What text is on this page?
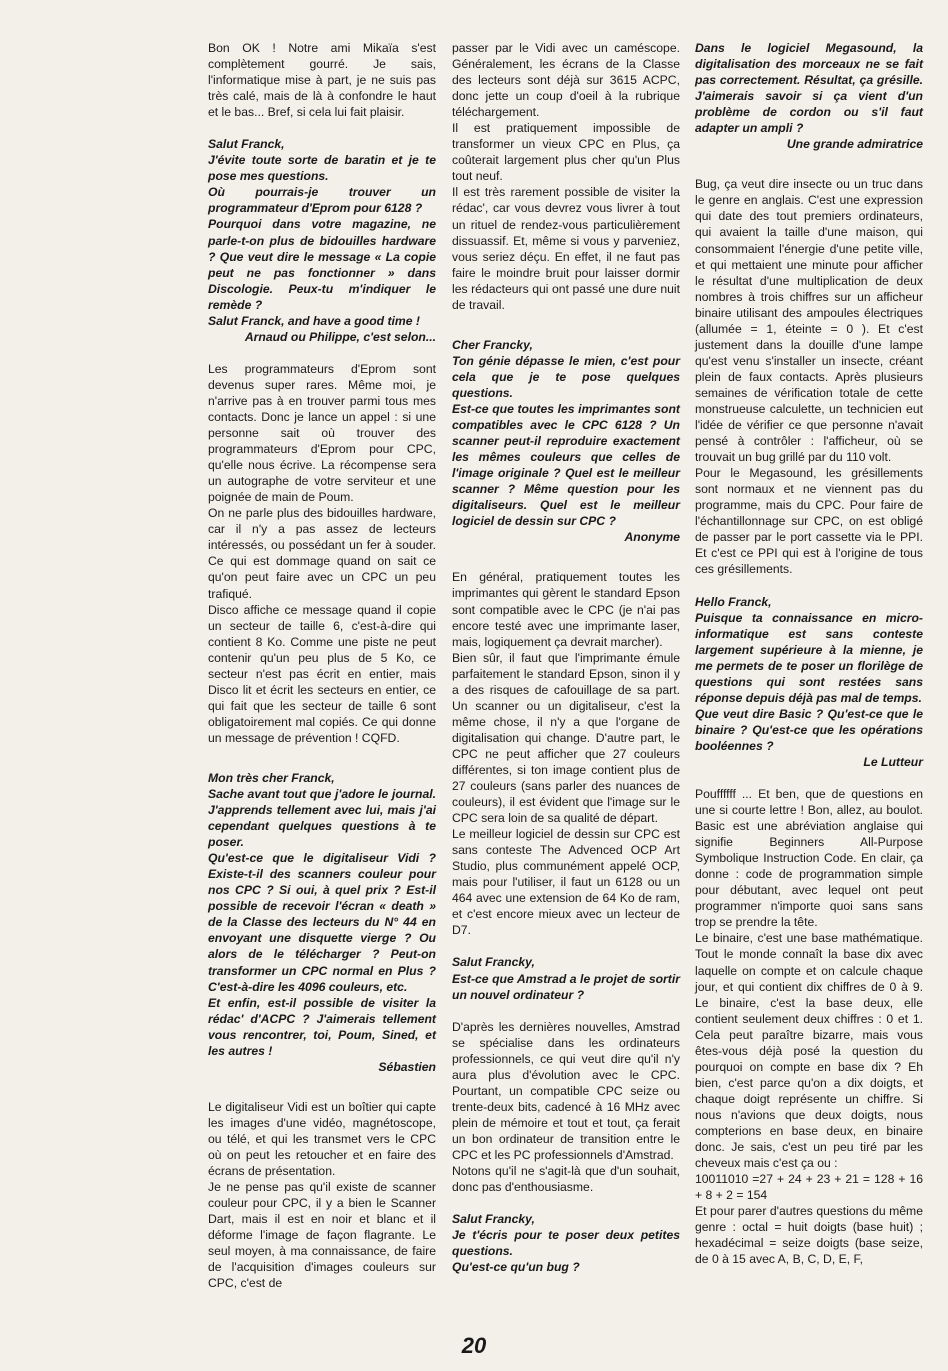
Bon OK ! Notre ami Mikaïa s'est complètement gourré. Je sais, l'informatique mise à part, je ne suis pas très calé, mais de là à confondre le haut et le bas... Bref, si cela lui fait plaisir.

Salut Franck,

J'évite toute sorte de baratin et je te pose mes questions.

Où pourrais-je trouver un programmateur d'Eprom pour 6128 ?

Pourquoi dans votre magazine, ne parle-t-on plus de bidouilles hardware ? Que veut dire le message « La copie peut ne pas fonctionner » dans Discologie. Peux-tu m'indiquer le remède ?

Salut Franck, and have a good time !

Arnaud ou Philippe, c'est selon...

Les programmateurs d'Eprom sont devenus super rares. Même moi, je n'arrive pas à en trouver parmi tous mes contacts. Donc je lance un appel : si une personne sait où trouver des programmateurs d'Eprom pour CPC, qu'elle nous écrive. La récompense sera un autographe de votre serviteur et une poignée de main de Poum.

On ne parle plus des bidouilles hardware, car il n'y a pas assez de lecteurs intéressés, ou possédant un fer à souder. Ce qui est dommage quand on sait ce qu'on peut faire avec un CPC un peu trafiqué.

Disco affiche ce message quand il copie un secteur de taille 6, c'est-à-dire qui contient 8 Ko. Comme une piste ne peut contenir qu'un peu plus de 5 Ko, ce secteur n'est pas écrit en entier, mais Disco lit et écrit les secteurs en entier, ce qui fait que les secteur de taille 6 sont obligatoirement mal copiés. Ce qui donne un message de prévention ! CQFD.

Mon très cher Franck,

Sache avant tout que j'adore le journal. J'apprends tellement avec lui, mais j'ai cependant quelques questions à te poser.

Qu'est-ce que le digitaliseur Vidi ? Existe-t-il des scanners couleur pour nos CPC ? Si oui, à quel prix ? Est-il possible de recevoir l'écran « death » de la Classe des lecteurs du N° 44 en envoyant une disquette vierge ? Ou alors de le télécharger ? Peut-on transformer un CPC normal en Plus ? C'est-à-dire les 4096 couleurs, etc.

Et enfin, est-il possible de visiter la rédac' d'ACPC ? J'aimerais tellement vous rencontrer, toi, Poum, Sined, et les autres !

Sébastien

Le digitaliseur Vidi est un boîtier qui capte les images d'une vidéo, magnétoscope, ou télé, et qui les transmet vers le CPC où on peut les retoucher et en faire des écrans de présentation.

Je ne pense pas qu'il existe de scanner couleur pour CPC, il y a bien le Scanner Dart, mais il est en noir et blanc et il déforme l'image de façon flagrante. Le seul moyen, à ma connaissance, de faire de l'acquisition d'images couleurs sur CPC, c'est de

passer par le Vidi avec un caméscope. Généralement, les écrans de la Classe des lecteurs sont déjà sur 3615 ACPC, donc jette un coup d'oeil à la rubrique téléchargement.

Il est pratiquement impossible de transformer un vieux CPC en Plus, ça coûterait largement plus cher qu'un Plus tout neuf.

Il est très rarement possible de visiter la rédac', car vous devrez vous livrer à tout un rituel de rendez-vous particulièrement dissuassif. Et, même si vous y parveniez, vous seriez déçu. En effet, il ne faut pas faire le moindre bruit pour laisser dormir les rédacteurs qui ont passé une dure nuit de travail.

Cher Francky,

Ton génie dépasse le mien, c'est pour cela que je te pose quelques questions.

Est-ce que toutes les imprimantes sont compatibles avec le CPC 6128 ? Un scanner peut-il reproduire exactement les mêmes couleurs que celles de l'image originale ? Quel est le meilleur scanner ? Même question pour les digitaliseurs. Quel est le meilleur logiciel de dessin sur CPC ?

Anonyme

En général, pratiquement toutes les imprimantes qui gèrent le standard Epson sont compatible avec le CPC (je n'ai pas encore testé avec une imprimante laser, mais, logiquement ça devrait marcher).

Bien sûr, il faut que l'imprimante émule parfaitement le standard Epson, sinon il y a des risques de cafouillage de sa part. Un scanner ou un digitaliseur, c'est la même chose, il n'y a que l'organe de digitalisation qui change. D'autre part, le CPC ne peut afficher que 27 couleurs différentes, si ton image contient plus de 27 couleurs (sans parler des nuances de couleurs), il est évident que l'image sur le CPC sera loin de sa qualité de départ.

Le meilleur logiciel de dessin sur CPC est sans conteste The Advenced OCP Art Studio, plus communément appelé OCP, mais pour l'utiliser, il faut un 6128 ou un 464 avec une extension de 64 Ko de ram, et c'est encore mieux avec un lecteur de D7.

Salut Francky,

Est-ce que Amstrad a le projet de sortir un nouvel ordinateur ?

D'après les dernières nouvelles, Amstrad se spécialise dans les ordinateurs professionnels, ce qui veut dire qu'il n'y aura plus d'évolution avec le CPC. Pourtant, un compatible CPC seize ou trente-deux bits, cadencé à 16 MHz avec plein de mémoire et tout et tout, ça ferait un bon ordinateur de transition entre le CPC et les PC professionnels d'Amstrad.

Notons qu'il ne s'agit-là que d'un souhait, donc pas d'enthousiasme.

Salut Francky,

Je t'écris pour te poser deux petites questions.

Qu'est-ce qu'un bug ?

Dans le logiciel Megasound, la digitalisation des morceaux ne se fait pas correctement. Résultat, ça grésille. J'aimerais savoir si ça vient d'un problème de cordon ou s'il faut adapter un ampli ?

Une grande admiratrice

Bug, ça veut dire insecte ou un truc dans le genre en anglais. C'est une expression qui date des tout premiers ordinateurs, qui avaient la taille d'une maison, qui consommaient l'énergie d'une petite ville, et qui mettaient une minute pour afficher le résultat d'une multiplication de deux nombres à trois chiffres sur un afficheur binaire utilisant des ampoules électriques (allumée = 1, éteinte = 0 ). Et c'est justement dans la douille d'une lampe qu'est venu s'installer un insecte, créant plein de faux contacts. Après plusieurs semaines de vérification totale de cette monstrueuse calculette, un technicien eut l'idée de vérifier ce que personne n'avait pensé à contrôler : l'afficheur, où se trouvait un bug grillé par du 110 volt.

Pour le Megasound, les grésillements sont normaux et ne viennent pas du programme, mais du CPC. Pour faire de l'échantillonnage sur CPC, on est obligé de passer par le port cassette via le PPI. Et c'est ce PPI qui est à l'origine de tous ces grésillements.

Hello Franck,

Puisque ta connaissance en micro-informatique est sans conteste largement supérieure à la mienne, je me permets de te poser un florilège de questions qui sont restées sans réponse depuis déjà pas mal de temps.

Que veut dire Basic ? Qu'est-ce que le binaire ? Qu'est-ce que les opérations booléennes ?

Le Lutteur

Pouffffff ... Et ben, que de questions en une si courte lettre ! Bon, allez, au boulot. Basic est une abréviation anglaise qui signifie Beginners All-Purpose Symbolique Instruction Code. En clair, ça donne : code de programmation simple pour débutant, avec lequel ont peut programmer n'importe quoi sans sans trop se prendre la tête.

Le binaire, c'est une base mathématique. Tout le monde connaît la base dix avec laquelle on compte et on calcule chaque jour, et qui contient dix chiffres de 0 à 9. Le binaire, c'est la base deux, elle contient seulement deux chiffres : 0 et 1. Cela peut paraître bizarre, mais vous êtes-vous déjà posé la question du pourquoi on compte en base dix ? Eh bien, c'est parce qu'on a dix doigts, et chaque doigt représente un chiffre. Si nous n'avions que deux doigts, nous compterions en base deux, en binaire donc. Je sais, c'est un peu tiré par les cheveux mais c'est ça ou :

10011010 =27 + 24 + 23 + 21 = 128 + 16 + 8 + 2 = 154

Et pour parer d'autres questions du même genre : octal = huit doigts (base huit) ; hexadécimal = seize doigts (base seize, de 0 à 15 avec A, B, C, D, E, F,

20
